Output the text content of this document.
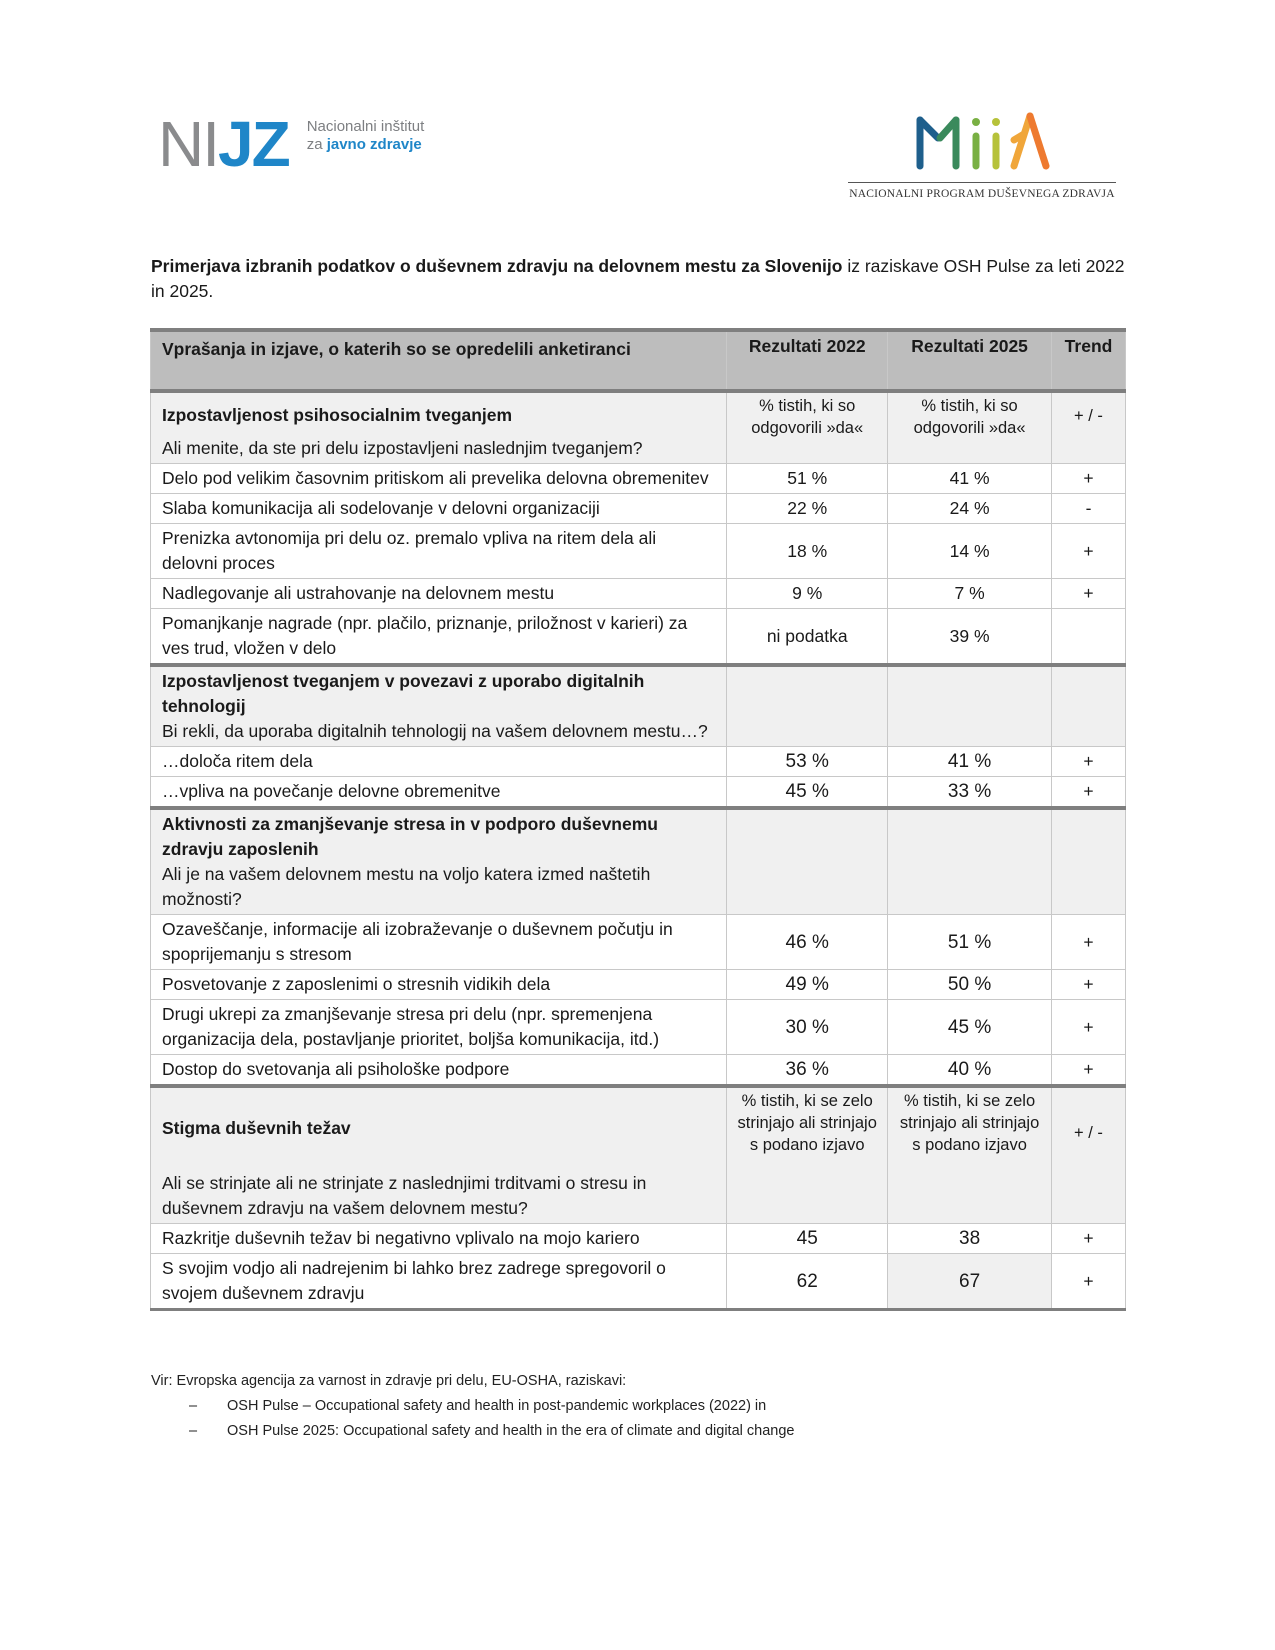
NIJZ Nacionalni inštitut
za javno zdravje
NACIONALNI PROGRAM DUŠEVNEGA ZDRAVJA
Primerjava izbranih podatkov o duševnem zdravju na delovnem mestu za Slovenijo iz raziskave OSH Pulse za leti 2022 in 2025.
Vprašanja in izjave, o katerih so se opredelili anketiranci	Rezultati 2022	Rezultati 2025	Trend

Izpostavljenost psihosocialnim tveganjem
Ali menite, da ste pri delu izpostavljeni naslednjim tveganjem?	% tistih, ki so odgovorili »da«	% tistih, ki so odgovorili »da«	+ / -
Delo pod velikim časovnim pritiskom ali prevelika delovna obremenitev	51 %	41 %	+
Slaba komunikacija ali sodelovanje v delovni organizaciji	22 %	24 %	-
Prenizka avtonomija pri delu oz. premalo vpliva na ritem dela ali delovni proces	18 %	14 %	+
Nadlegovanje ali ustrahovanje na delovnem mestu	9 %	7 %	+
Pomanjkanje nagrade (npr. plačilo, priznanje, priložnost v karieri) za ves trud, vložen v delo	ni podatka	39 %	

Izpostavljenost tveganjem v povezavi z uporabo digitalnih tehnologij
Bi rekli, da uporaba digitalnih tehnologij na vašem delovnem mestu…?			

…določa ritem dela	53 %	41 %	+
…vpliva na povečanje delovne obremenitve	45 %	33 %	+

Aktivnosti za zmanjševanje stresa in v podporo duševnemu zdravju zaposlenih
Ali je na vašem delovnem mestu na voljo katera izmed naštetih možnosti?			

Ozaveščanje, informacije ali izobraževanje o duševnem počutju in spoprijemanju s stresom	46 %	51 %	+
Posvetovanje z zaposlenimi o stresnih vidikih dela	49 %	50 %	+
Drugi ukrepi za zmanjševanje stresa pri delu (npr. spremenjena organizacija dela, postavljanje prioritet, boljša komunikacija, itd.)	30 %	45 %	+
Dostop do svetovanja ali psihološke podpore	36 %	40 %	+

Stigma duševnih težav
Ali se strinjate ali ne strinjate z naslednjimi trditvami o stresu in duševnem zdravju na vašem delovnem mestu?	% tistih, ki se zelo strinjajo ali strinjajo s podano izjavo	% tistih, ki se zelo strinjajo ali strinjajo s podano izjavo	+ / -
Razkritje duševnih težav bi negativno vplivalo na mojo kariero	45	38	+
S svojim vodjo ali nadrejenim bi lahko brez zadrege spregovoril o svojem duševnem zdravju	62	67	+
Vir: Evropska agencija za varnost in zdravje pri delu, EU-OSHA, raziskavi:
–	OSH Pulse – Occupational safety and health in post-pandemic workplaces (2022) in
–	OSH Pulse 2025: Occupational safety and health in the era of climate and digital change
